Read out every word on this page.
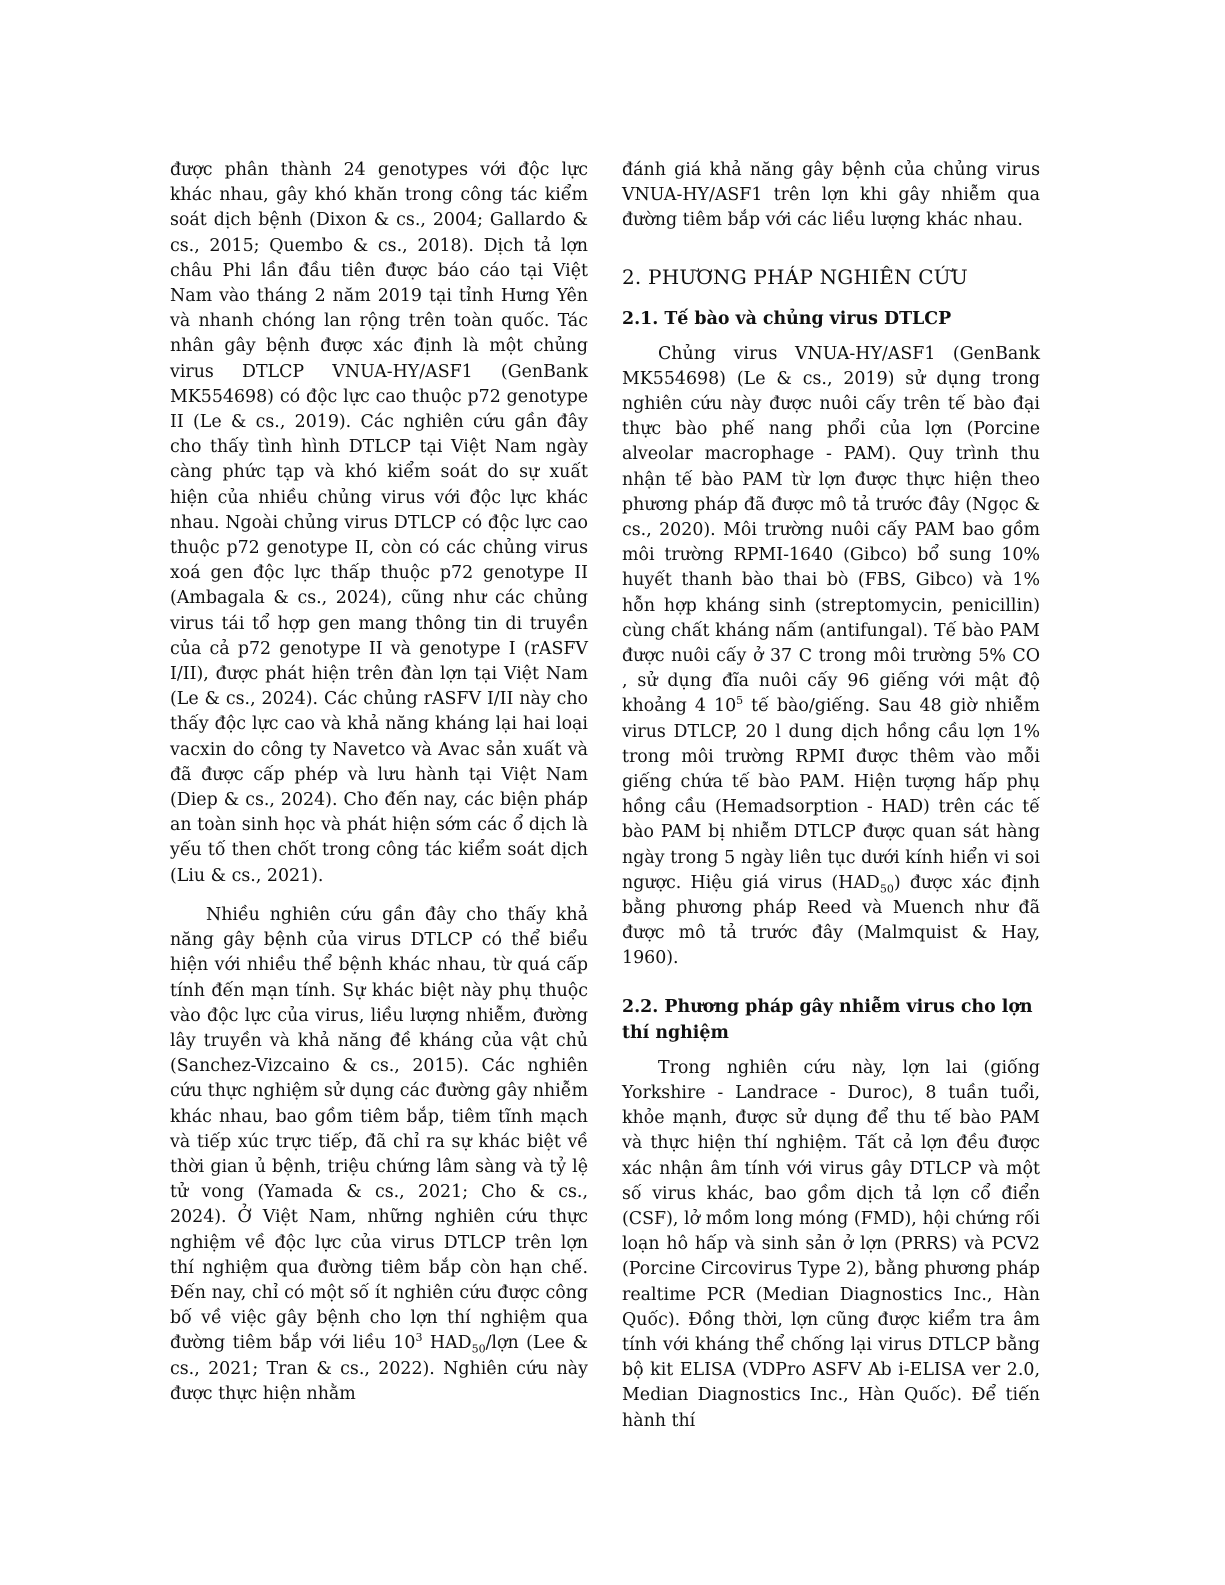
được phân thành 24 genotypes với độc lực khác nhau, gây khó khăn trong công tác kiểm soát dịch bệnh (Dixon & cs., 2004; Gallardo & cs., 2015; Quembo & cs., 2018). Dịch tả lợn châu Phi lần đầu tiên được báo cáo tại Việt Nam vào tháng 2 năm 2019 tại tỉnh Hưng Yên và nhanh chóng lan rộng trên toàn quốc. Tác nhân gây bệnh được xác định là một chủng virus DTLCP VNUA-HY/ASF1 (GenBank MK554698) có độc lực cao thuộc p72 genotype II (Le & cs., 2019). Các nghiên cứu gần đây cho thấy tình hình DTLCP tại Việt Nam ngày càng phức tạp và khó kiểm soát do sự xuất hiện của nhiều chủng virus với độc lực khác nhau. Ngoài chủng virus DTLCP có độc lực cao thuộc p72 genotype II, còn có các chủng virus xoá gen độc lực thấp thuộc p72 genotype II (Ambagala & cs., 2024), cũng như các chủng virus tái tổ hợp gen mang thông tin di truyền của cả p72 genotype II và genotype I (rASFV I/II), được phát hiện trên đàn lợn tại Việt Nam (Le & cs., 2024). Các chủng rASFV I/II này cho thấy độc lực cao và khả năng kháng lại hai loại vacxin do công ty Navetco và Avac sản xuất và đã được cấp phép và lưu hành tại Việt Nam (Diep & cs., 2024). Cho đến nay, các biện pháp an toàn sinh học và phát hiện sớm các ổ dịch là yếu tố then chốt trong công tác kiểm soát dịch (Liu & cs., 2021).

Nhiều nghiên cứu gần đây cho thấy khả năng gây bệnh của virus DTLCP có thể biểu hiện với nhiều thể bệnh khác nhau, từ quá cấp tính đến mạn tính. Sự khác biệt này phụ thuộc vào độc lực của virus, liều lượng nhiễm, đường lây truyền và khả năng đề kháng của vật chủ (Sanchez-Vizcaino & cs., 2015). Các nghiên cứu thực nghiệm sử dụng các đường gây nhiễm khác nhau, bao gồm tiêm bắp, tiêm tĩnh mạch và tiếp xúc trực tiếp, đã chỉ ra sự khác biệt về thời gian ủ bệnh, triệu chứng lâm sàng và tỷ lệ tử vong (Yamada & cs., 2021; Cho & cs., 2024). Ở Việt Nam, những nghiên cứu thực nghiệm về độc lực của virus DTLCP trên lợn thí nghiệm qua đường tiêm bắp còn hạn chế. Đến nay, chỉ có một số ít nghiên cứu được công bố về việc gây bệnh cho lợn thí nghiệm qua đường tiêm bắp với liều $10^3$ $HAD_{50}$/lợn (Lee & cs., 2021; Tran & cs., 2022). Nghiên cứu này được thực hiện nhằm

đánh giá khả năng gây bệnh của chủng virus VNUA-HY/ASF1 trên lợn khi gây nhiễm qua đường tiêm bắp với các liều lượng khác nhau.

2. PHƯƠNG PHÁP NGHIÊN CỨU
2.1. Tế bào và chủng virus DTLCP

Chủng virus VNUA-HY/ASF1 (GenBank MK554698) (Le & cs., 2019) sử dụng trong nghiên cứu này được nuôi cấy trên tế bào đại thực bào phế nang phổi của lợn (Porcine alveolar macrophage - PAM). Quy trình thu nhận tế bào PAM từ lợn được thực hiện theo phương pháp đã được mô tả trước đây (Ngọc & cs., 2020). Môi trường nuôi cấy PAM bao gồm môi trường RPMI-1640 (Gibco) bổ sung 10% huyết thanh bào thai bò (FBS, Gibco) và 1% hỗn hợp kháng sinh (streptomycin, penicillin) cùng chất kháng nấm (antifungal). Tế bào PAM được nuôi cấy ở 37 C trong môi trường 5% CO , sử dụng đĩa nuôi cấy 96 giếng với mật độ khoảng 4 $10^5$ tế bào/giếng. Sau 48 giờ nhiễm virus DTLCP, 20 l dung dịch hồng cầu lợn 1% trong môi trường RPMI được thêm vào mỗi giếng chứa tế bào PAM. Hiện tượng hấp phụ hồng cầu (Hemadsorption - HAD) trên các tế bào PAM bị nhiễm DTLCP được quan sát hàng ngày trong 5 ngày liên tục dưới kính hiển vi soi ngược. Hiệu giá virus $(HAD_{50})$ được xác định bằng phương pháp Reed và Muench như đã được mô tả trước đây (Malmquist & Hay, 1960).

2.2. Phương pháp gây nhiễm virus cho lợn thí nghiệm

Trong nghiên cứu này, lợn lai (giống Yorkshire - Landrace - Duroc), 8 tuần tuổi, khỏe mạnh, được sử dụng để thu tế bào PAM và thực hiện thí nghiệm. Tất cả lợn đều được xác nhận âm tính với virus gây DTLCP và một số virus khác, bao gồm dịch tả lợn cổ điển (CSF), lở mồm long móng (FMD), hội chứng rối loạn hô hấp và sinh sản ở lợn (PRRS) và PCV2 (Porcine Circovirus Type 2), bằng phương pháp realtime PCR (Median Diagnostics Inc., Hàn Quốc). Đồng thời, lợn cũng được kiểm tra âm tính với kháng thể chống lại virus DTLCP bằng bộ kit ELISA (VDPro ASFV Ab i-ELISA ver 2.0, Median Diagnostics Inc., Hàn Quốc). Để tiến hành thí
